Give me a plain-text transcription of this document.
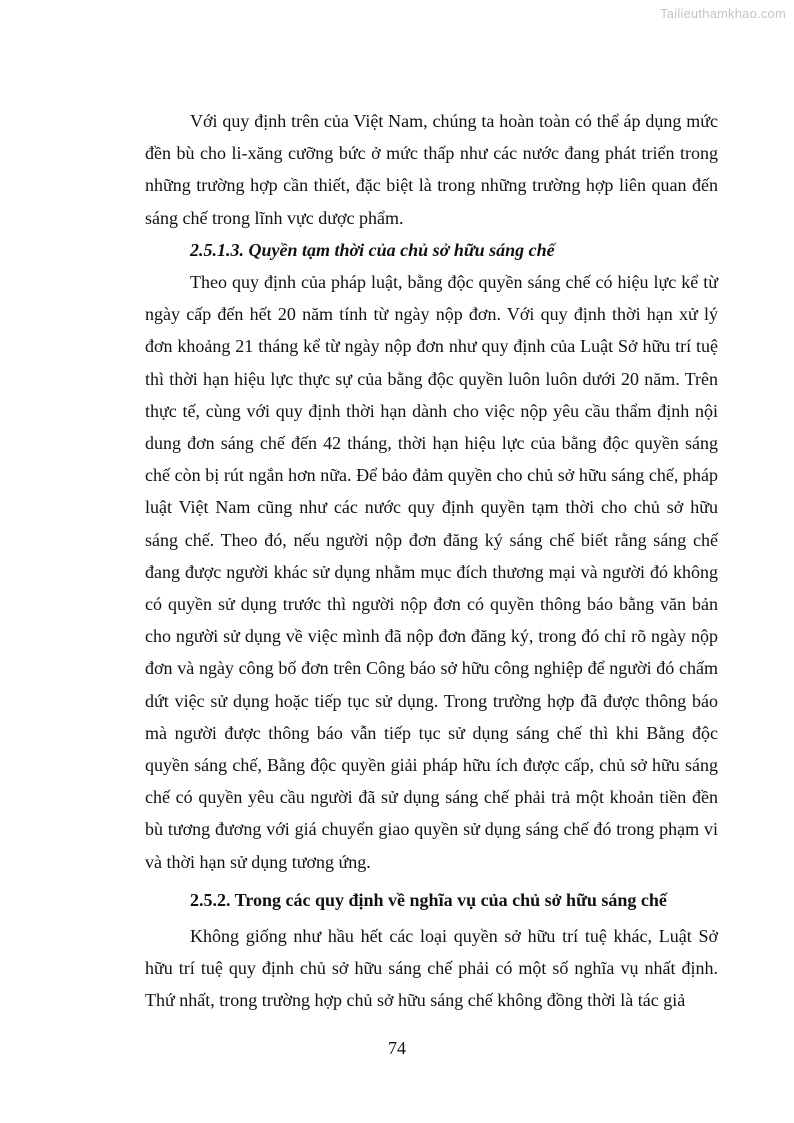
Tailieuthamkhao.com

Với quy định trên của Việt Nam, chúng ta hoàn toàn có thể áp dụng mức đền bù cho li-xăng cưỡng bức ở mức thấp như các nước đang phát triển trong những trường hợp cần thiết, đặc biệt là trong những trường hợp liên quan đến sáng chế trong lĩnh vực dược phẩm.

2.5.1.3. Quyền tạm thời của chủ sở hữu sáng chế

Theo quy định của pháp luật, bằng độc quyền sáng chế có hiệu lực kể từ ngày cấp đến hết 20 năm tính từ ngày nộp đơn. Với quy định thời hạn xử lý đơn khoảng 21 tháng kể từ ngày nộp đơn như quy định của Luật Sở hữu trí tuệ thì thời hạn hiệu lực thực sự của bằng độc quyền luôn luôn dưới 20 năm. Trên thực tế, cùng với quy định thời hạn dành cho việc nộp yêu cầu thẩm định nội dung đơn sáng chế đến 42 tháng, thời hạn hiệu lực của bằng độc quyền sáng chế còn bị rút ngắn hơn nữa. Để bảo đảm quyền cho chủ sở hữu sáng chế, pháp luật Việt Nam cũng như các nước quy định quyền tạm thời cho chủ sở hữu sáng chế. Theo đó, nếu người nộp đơn đăng ký sáng chế biết rằng sáng chế đang được người khác sử dụng nhằm mục đích thương mại và người đó không có quyền sử dụng trước thì người nộp đơn có quyền thông báo bằng văn bản cho người sử dụng về việc mình đã nộp đơn đăng ký, trong đó chỉ rõ ngày nộp đơn và ngày công bố đơn trên Công báo sở hữu công nghiệp để người đó chấm dứt việc sử dụng hoặc tiếp tục sử dụng. Trong trường hợp đã được thông báo mà người được thông báo vẫn tiếp tục sử dụng sáng chế thì khi Bằng độc quyền sáng chế, Bằng độc quyền giải pháp hữu ích được cấp, chủ sở hữu sáng chế có quyền yêu cầu người đã sử dụng sáng chế phải trả một khoản tiền đền bù tương đương với giá chuyển giao quyền sử dụng sáng chế đó trong phạm vi và thời hạn sử dụng tương ứng.

2.5.2. Trong các quy định về nghĩa vụ của chủ sở hữu sáng chế

Không giống như hầu hết các loại quyền sở hữu trí tuệ khác, Luật Sở hữu trí tuệ quy định chủ sở hữu sáng chế phải có một số nghĩa vụ nhất định. Thứ nhất, trong trường hợp chủ sở hữu sáng chế không đồng thời là tác giả

74
